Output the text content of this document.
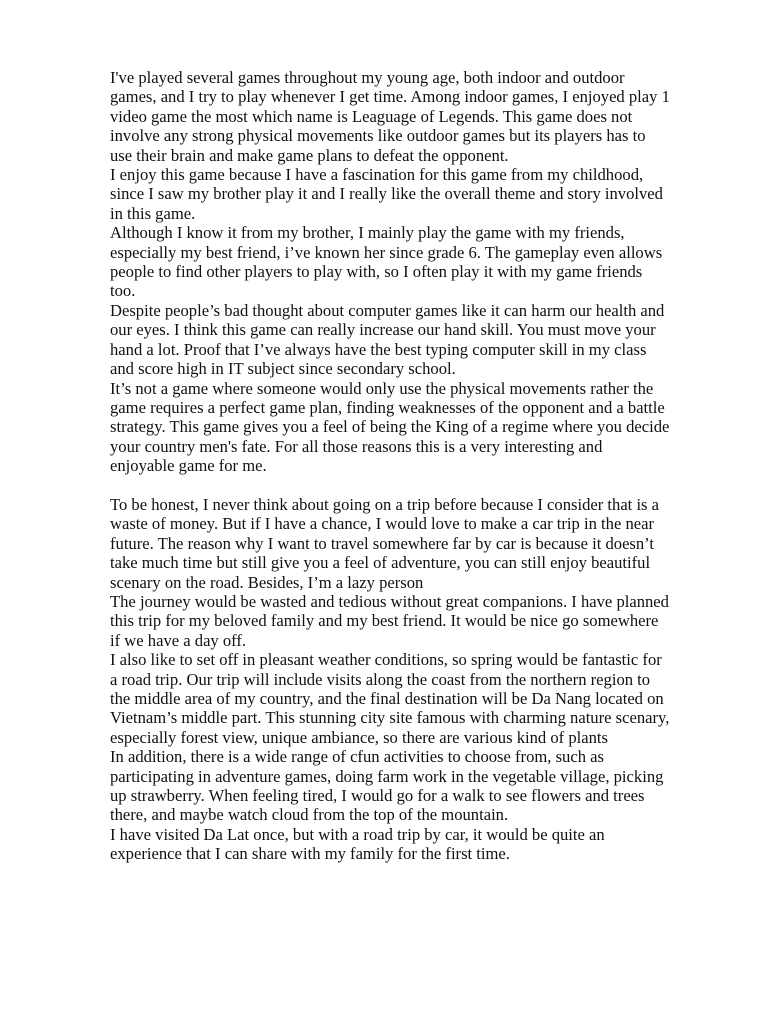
I've played several games throughout my young age, both indoor and outdoor games, and I try to play whenever I get time. Among indoor games, I enjoyed play 1 video game the most which name is Leaguage of Legends. This game does not involve any strong physical movements like outdoor games but its players has to use their brain and make game plans to defeat the opponent.

I enjoy this game because I have a fascination for this game from my childhood, since I saw my brother play it and I really like the overall theme and story involved in this game.

Although I know it from my brother, I mainly play the game with my friends, especially my best friend, i’ve known her since grade 6. The gameplay even allows people to find other players to play with, so I often play it with my game friends too.

Despite people’s bad thought about computer games like it can harm our health and our eyes. I think this game can really increase our hand skill. You must move your hand a lot. Proof that I’ve always have the best typing computer skill in my class and score high in IT subject since secondary school.

It’s not a game where someone would only use the physical movements rather the game requires a perfect game plan, finding weaknesses of the opponent and a battle strategy. This game gives you a feel of being the King of a regime where you decide your country men's fate. For all those reasons this is a very interesting and enjoyable game for me.

To be honest, I never think about going on a trip before because I consider that is a waste of money. But if I have a chance, I would love to make a car trip in the near future. The reason why I want to travel somewhere far by car is because it doesn’t take much time but still give you a feel of adventure, you can still enjoy beautiful scenary on the road. Besides, I’m a lazy person

The journey would be wasted and tedious without great companions. I have planned this trip for my beloved family and my best friend. It would be nice go somewhere if we have a day off.

I also like to set off in pleasant weather conditions, so spring would be fantastic for a road trip. Our trip will include visits along the coast from the northern region to the middle area of my country, and the final destination will be Da Nang located on Vietnam’s middle part. This stunning city site famous with charming nature scenary, especially forest view, unique ambiance, so there are various kind of plants

In addition, there is a wide range of cfun activities to choose from, such as participating in adventure games, doing farm work in the vegetable village, picking up strawberry. When feeling tired, I would go for a walk to see flowers and trees there, and maybe watch cloud from the top of the mountain.

I have visited Da Lat once, but with a road trip by car, it would be quite an experience that I can share with my family for the first time.
